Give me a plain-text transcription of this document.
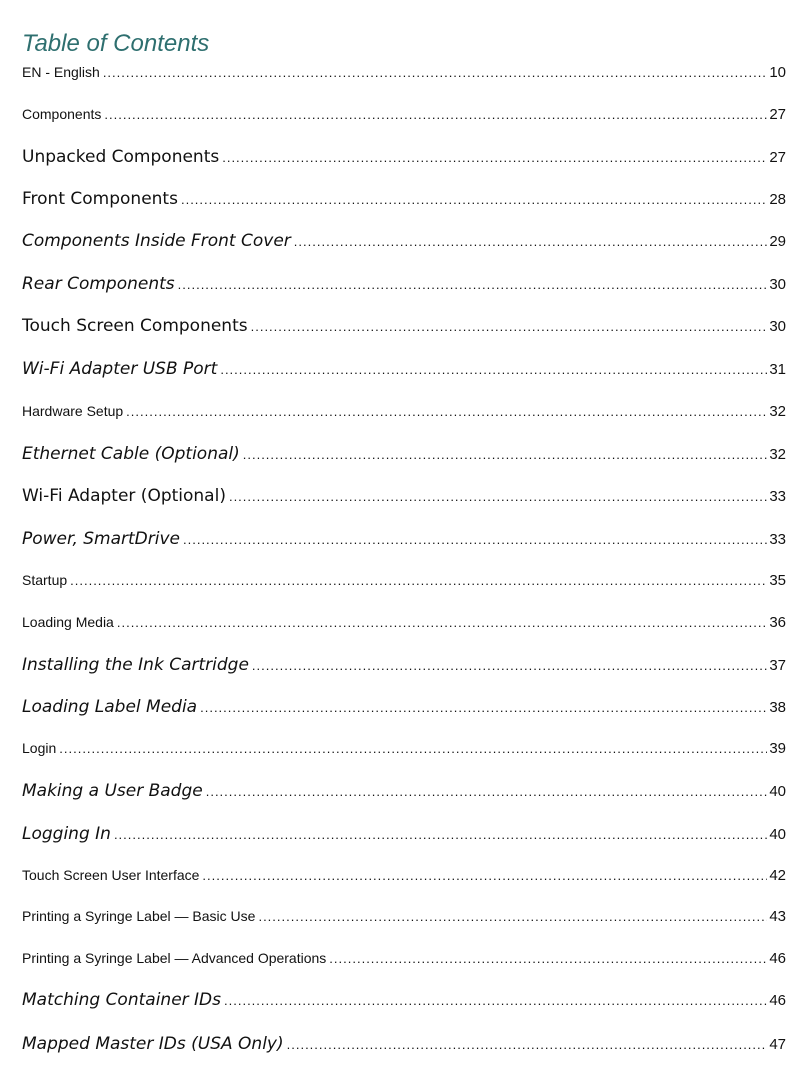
Table of Contents
EN - English .....	10
Components .....	27
Unpacked Components .....	27
Front Components .....	28
Components Inside Front Cover .....	29
Rear Components .....	30
Touch Screen Components .....	30
Wi-Fi Adapter USB Port .....	31
Hardware Setup .....	32
Ethernet Cable (Optional) .....	32
Wi-Fi Adapter (Optional) .....	33
Power, SmartDrive .....	33
Startup .....	35
Loading Media .....	36
Installing the Ink Cartridge .....	37
Loading Label Media .....	38
Login .....	39
Making a User Badge .....	40
Logging In .....	40
Touch Screen User Interface .....	42
Printing a Syringe Label — Basic Use .....	43
Printing a Syringe Label — Advanced Operations .....	46
Matching Container IDs .....	46
Mapped Master IDs (USA Only) .....	47
